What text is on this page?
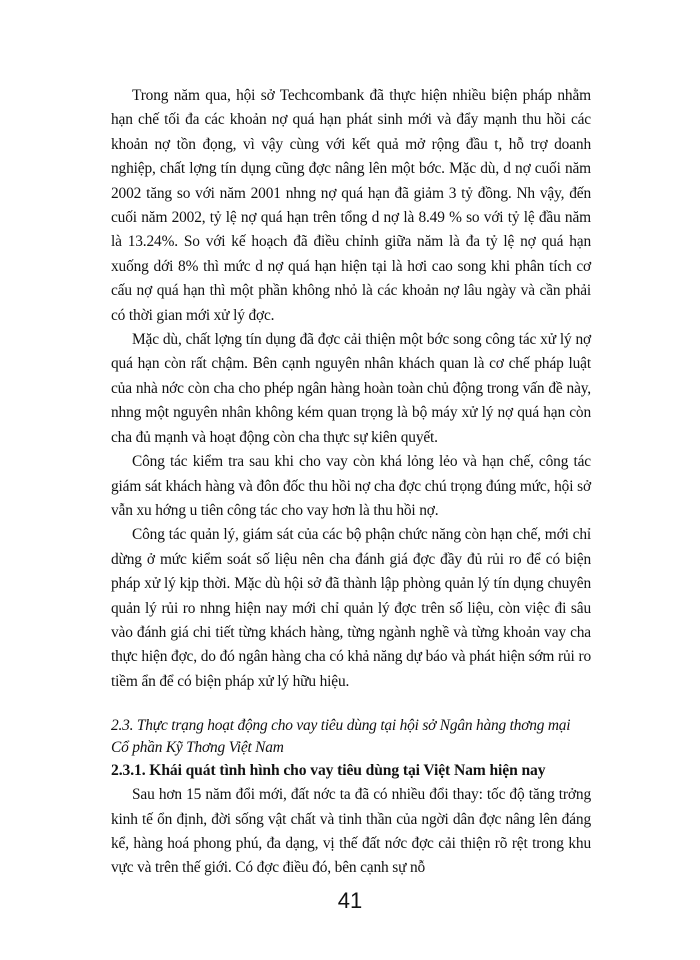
Trong năm qua, hội sở Techcombank đã thực hiện nhiều biện pháp nhằm hạn chế tối đa các khoản nợ quá hạn phát sinh mới và đẩy mạnh thu hồi các khoản nợ tồn đọng, vì vậy cùng với kết quả mở rộng đầu t, hỗ trợ doanh nghiệp, chất lợng tín dụng cũng đợc nâng lên một bớc. Mặc dù, d nợ cuối năm 2002 tăng so với năm 2001 nhng nợ quá hạn đã giảm 3 tỷ đồng. Nh vậy, đến cuối năm 2002, tỷ lệ nợ quá hạn trên tổng d nợ là 8.49 % so với tỷ lệ đầu năm là 13.24%. So với kế hoạch đã điều chỉnh giữa năm là đa tỷ lệ nợ quá hạn xuống dới 8% thì mức d nợ quá hạn hiện tại là hơi cao song khi phân tích cơ cấu nợ quá hạn thì một phần không nhỏ là các khoản nợ lâu ngày và cần phải có thời gian mới xử lý đợc.

Mặc dù, chất lợng tín dụng đã đợc cải thiện một bớc song công tác xử lý nợ quá hạn còn rất chậm. Bên cạnh nguyên nhân khách quan là cơ chế pháp luật của nhà nớc còn cha cho phép ngân hàng hoàn toàn chủ động trong vấn đề này, nhng một nguyên nhân không kém quan trọng là bộ máy xử lý nợ quá hạn còn cha đủ mạnh và hoạt động còn cha thực sự kiên quyết.

Công tác kiểm tra sau khi cho vay còn khá lỏng lẻo và hạn chế, công tác giám sát khách hàng và đôn đốc thu hồi nợ cha đợc chú trọng đúng mức, hội sở vẫn xu hớng u tiên công tác cho vay hơn là thu hồi nợ.

Công tác quản lý, giám sát của các bộ phận chức năng còn hạn chế, mới chỉ dừng ở mức kiểm soát số liệu nên cha đánh giá đợc đầy đủ rủi ro để có biện pháp xử lý kịp thời. Mặc dù hội sở đã thành lập phòng quản lý tín dụng chuyên quản lý rủi ro nhng hiện nay mới chỉ quản lý đợc trên số liệu, còn việc đi sâu vào đánh giá chi tiết từng khách hàng, từng ngành nghề và từng khoản vay cha thực hiện đợc, do đó ngân hàng cha có khả năng dự báo và phát hiện sớm rủi ro tiềm ẩn để có biện pháp xử lý hữu hiệu.

2.3. Thực trạng hoạt động cho vay tiêu dùng tại hội sở Ngân hàng thơng mại Cổ phần Kỹ Thơng Việt Nam

2.3.1. Khái quát tình hình cho vay tiêu dùng tại Việt Nam hiện nay

Sau hơn 15 năm đổi mới, đất nớc ta đã có nhiều đổi thay: tốc độ tăng trởng kinh tế ổn định, đời sống vật chất và tinh thần của ngời dân đợc nâng lên đáng kể, hàng hoá phong phú, đa dạng, vị thế đất nớc đợc cải thiện rõ rệt trong khu vực và trên thế giới. Có đợc điều đó, bên cạnh sự nỗ

41
